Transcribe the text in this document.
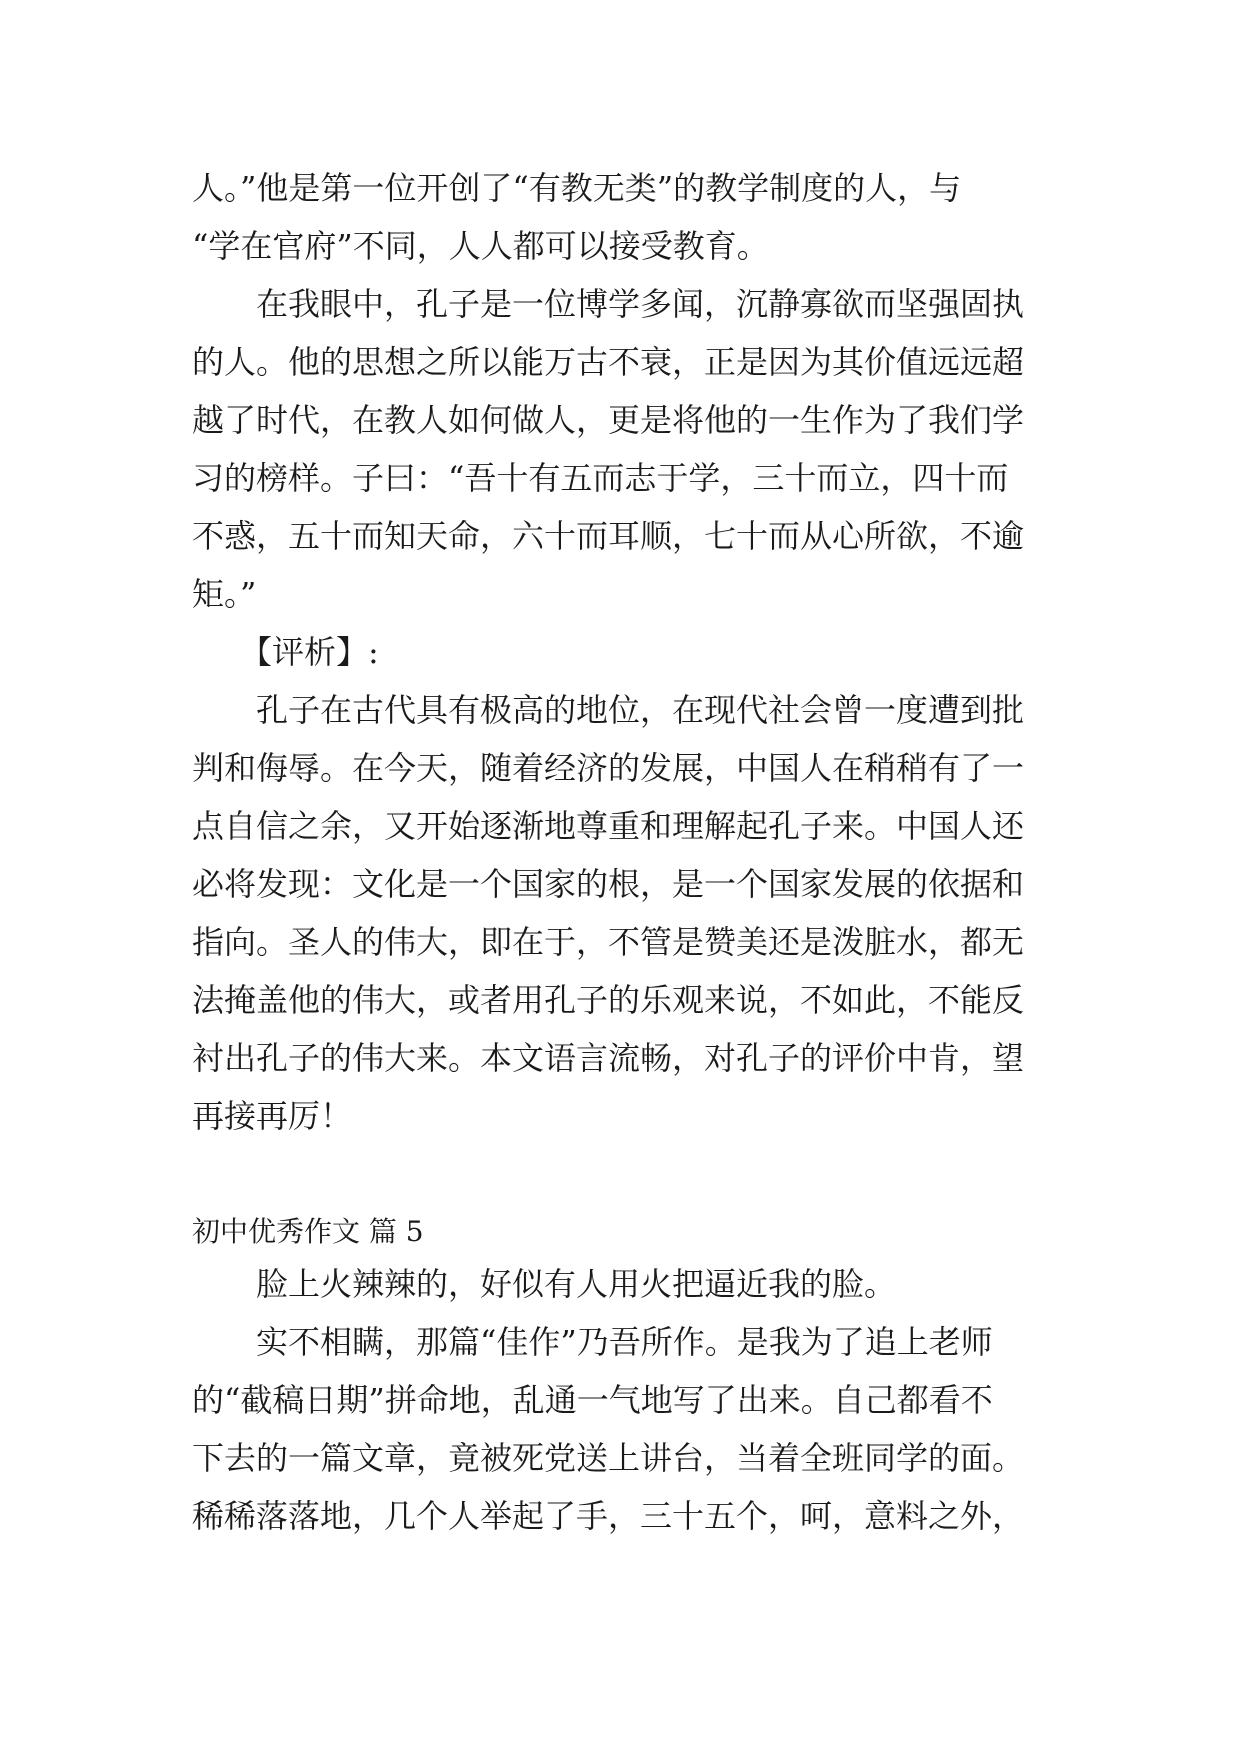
人。”他是第一位开创了“有教无类”的教学制度的人，与
“学在官府”不同，人人都可以接受教育。
在我眼中，孔子是一位博学多闻，沉静寡欲而坚强固执
的人。他的思想之所以能万古不衰，正是因为其价值远远超
越了时代，在教人如何做人，更是将他的一生作为了我们学
习的榜样。子曰：“吾十有五而志于学，三十而立，四十而
不惑，五十而知天命，六十而耳顺，七十而从心所欲，不逾
矩。”
【评析】:
孔子在古代具有极高的地位，在现代社会曾一度遭到批
判和侮辱。在今天，随着经济的发展，中国人在稍稍有了一
点自信之余，又开始逐渐地尊重和理解起孔子来。中国人还
必将发现：文化是一个国家的根，是一个国家发展的依据和
指向。圣人的伟大，即在于，不管是赞美还是泼脏水，都无
法掩盖他的伟大，或者用孔子的乐观来说，不如此，不能反
衬出孔子的伟大来。本文语言流畅，对孔子的评价中肯，望
再接再厉！
初中优秀作文 篇 5
脸上火辣辣的，好似有人用火把逼近我的脸。
实不相瞒，那篇“佳作”乃吾所作。是我为了追上老师
的“截稿日期”拼命地，乱通一气地写了出来。自己都看不
下去的一篇文章，竟被死党送上讲台，当着全班同学的面。
稀稀落落地，几个人举起了手，三十五个，呵，意料之外，
